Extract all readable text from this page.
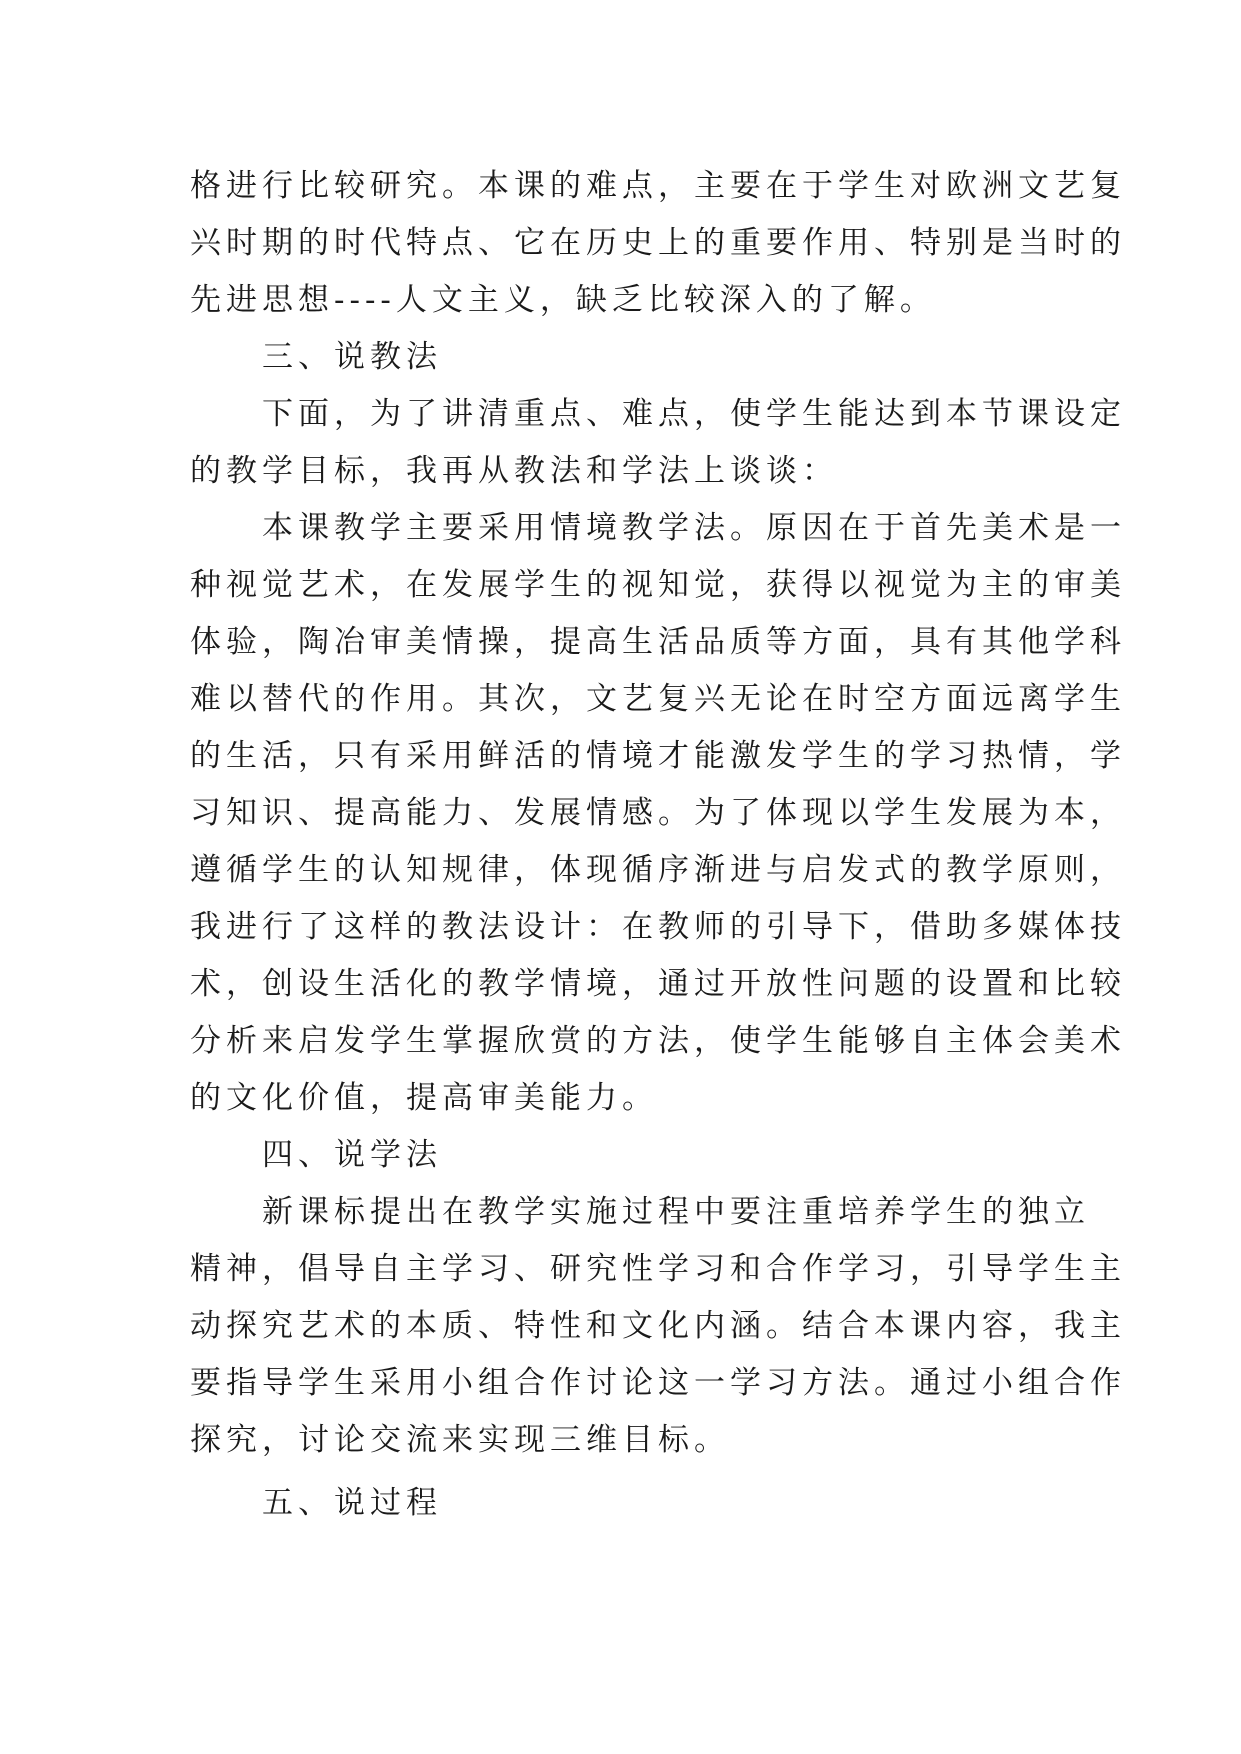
格进行比较研究。本课的难点，主要在于学生对欧洲文艺复
兴时期的时代特点、它在历史上的重要作用、特别是当时的
先进思想----人文主义，缺乏比较深入的了解。
　　三、说教法
　　下面，为了讲清重点、难点，使学生能达到本节课设定
的教学目标，我再从教法和学法上谈谈：
　　本课教学主要采用情境教学法。原因在于首先美术是一
种视觉艺术，在发展学生的视知觉，获得以视觉为主的审美
体验，陶冶审美情操，提高生活品质等方面，具有其他学科
难以替代的作用。其次，文艺复兴无论在时空方面远离学生
的生活，只有采用鲜活的情境才能激发学生的学习热情，学
习知识、提高能力、发展情感。为了体现以学生发展为本，
遵循学生的认知规律，体现循序渐进与启发式的教学原则，
我进行了这样的教法设计：在教师的引导下，借助多媒体技
术，创设生活化的教学情境，通过开放性问题的设置和比较
分析来启发学生掌握欣赏的方法，使学生能够自主体会美术
的文化价值，提高审美能力。
　　四、说学法
　　新课标提出在教学实施过程中要注重培养学生的独立
精神，倡导自主学习、研究性学习和合作学习，引导学生主
动探究艺术的本质、特性和文化内涵。结合本课内容，我主
要指导学生采用小组合作讨论这一学习方法。通过小组合作
探究，讨论交流来实现三维目标。
　　五、说过程
